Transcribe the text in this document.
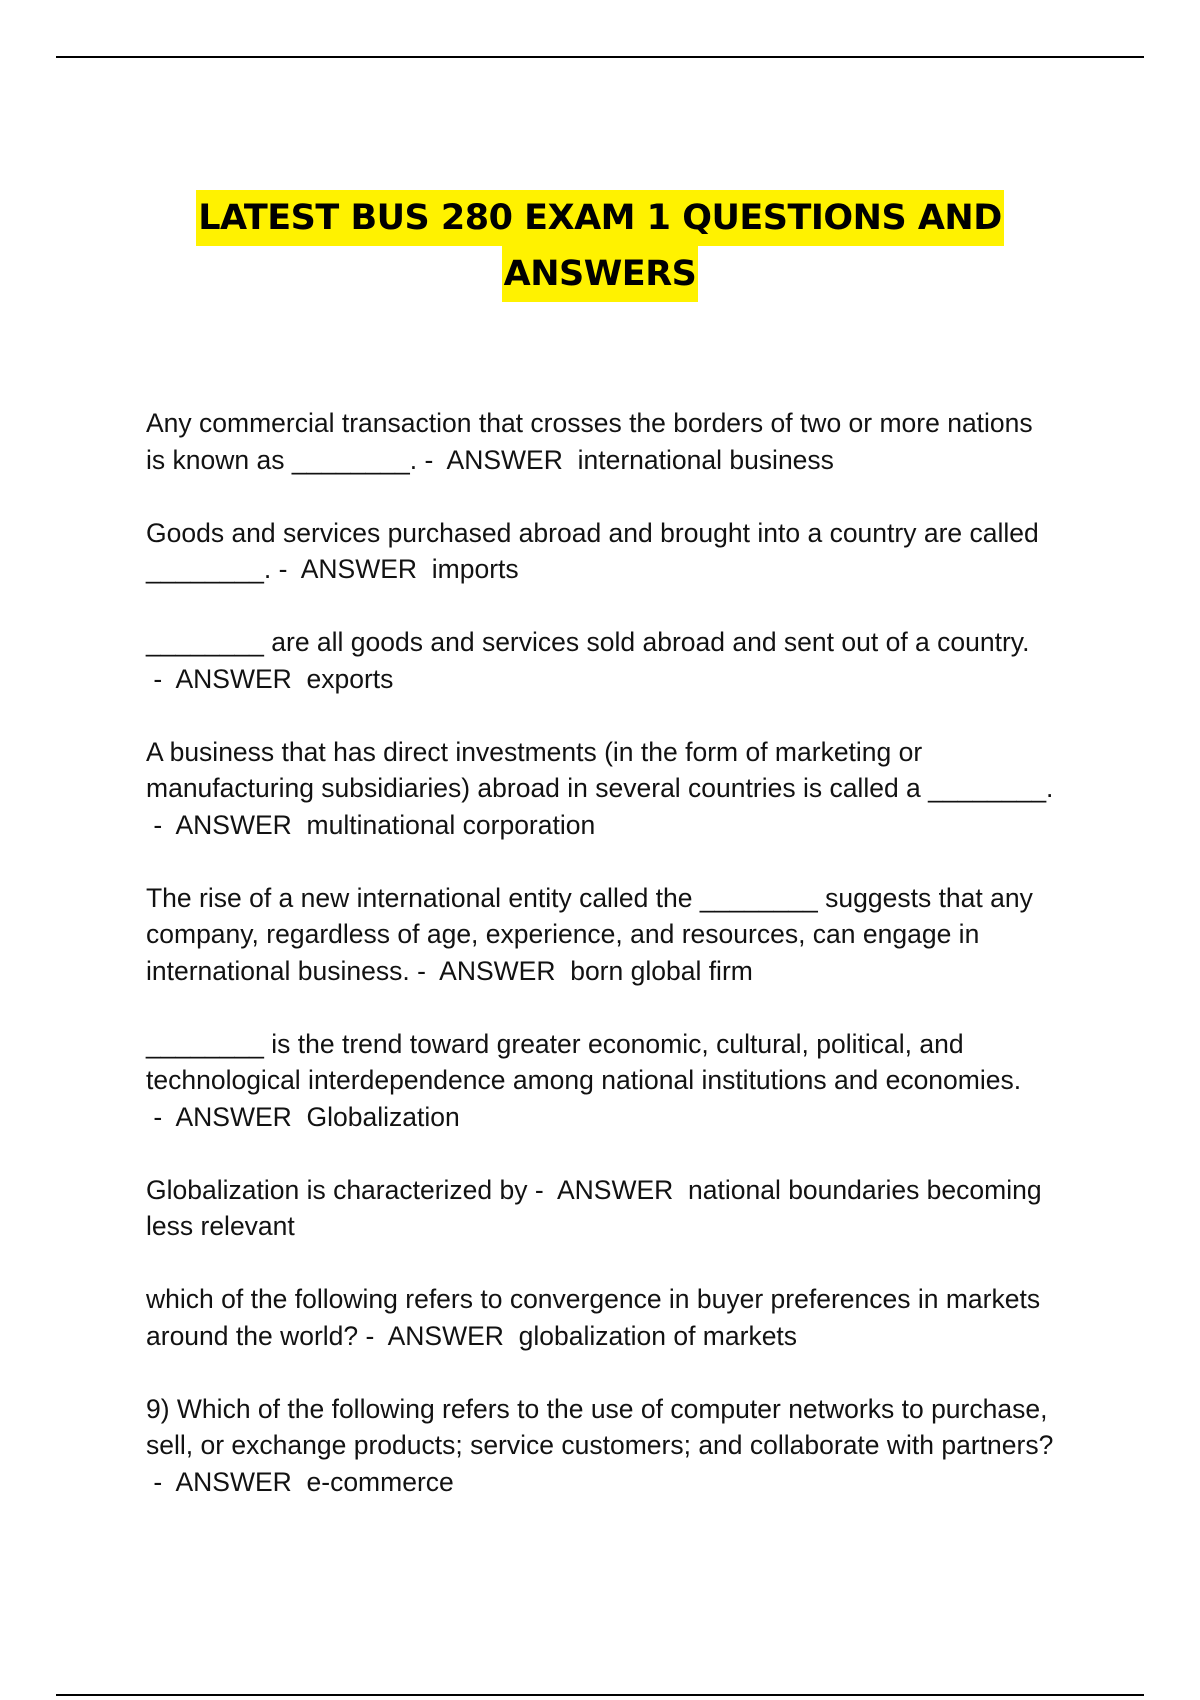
LATEST BUS 280 EXAM 1 QUESTIONS AND
ANSWERS

Any commercial transaction that crosses the borders of two or more nations is known as ________. -  ANSWER  international business

Goods and services purchased abroad and brought into a country are called ________. -  ANSWER  imports

________ are all goods and services sold abroad and sent out of a country. -  ANSWER  exports

A business that has direct investments (in the form of marketing or manufacturing subsidiaries) abroad in several countries is called a ________. -  ANSWER  multinational corporation

The rise of a new international entity called the ________ suggests that any company, regardless of age, experience, and resources, can engage in international business. -  ANSWER  born global firm

________ is the trend toward greater economic, cultural, political, and technological interdependence among national institutions and economies. -  ANSWER  Globalization

Globalization is characterized by -  ANSWER  national boundaries becoming less relevant

which of the following refers to convergence in buyer preferences in markets around the world? -  ANSWER  globalization of markets

9) Which of the following refers to the use of computer networks to purchase, sell, or exchange products; service customers; and collaborate with partners? -  ANSWER  e-commerce
